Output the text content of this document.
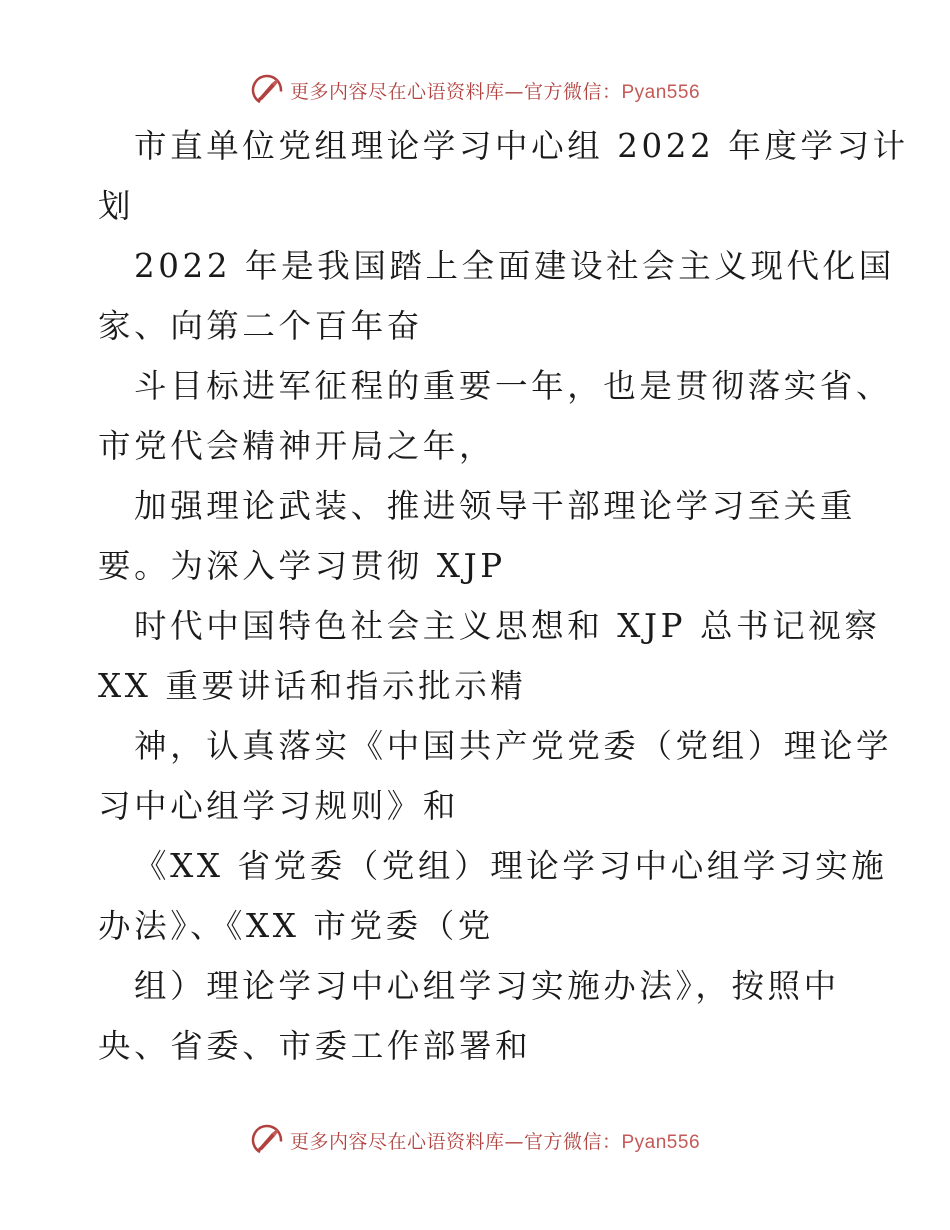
更多内容尽在心语资料库—官方微信：Pyan556
市直单位党组理论学习中心组 2022 年度学习计
划
2022 年是我国踏上全面建设社会主义现代化国
家、向第二个百年奋
斗目标进军征程的重要一年，也是贯彻落实省、
市党代会精神开局之年，
加强理论武装、推进领导干部理论学习至关重
要。为深入学习贯彻 XJP
时代中国特色社会主义思想和 XJP 总书记视察
XX 重要讲话和指示批示精
神，认真落实《中国共产党党委（党组）理论学
习中心组学习规则》和
《XX 省党委（党组）理论学习中心组学习实施
办法》、《XX 市党委（党
组）理论学习中心组学习实施办法》，按照中
央、省委、市委工作部署和
更多内容尽在心语资料库—官方微信：Pyan556
